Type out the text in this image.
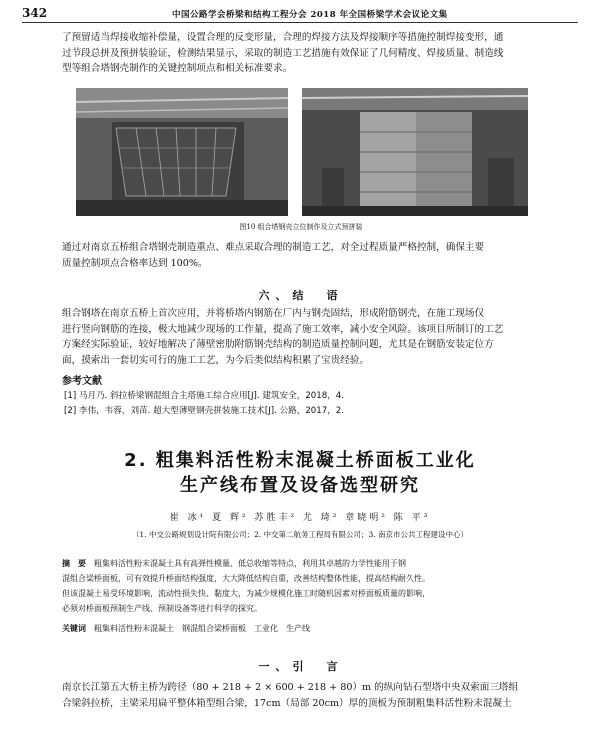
342	中国公路学会桥梁和结构工程分会 2018 年全国桥梁学术会议论文集
了预留适当焊接收缩补偿量，设置合理的反变形量，合理的焊接方法及焊接顺序等措施控制焊接变形，通
过节段总拼及预拼装验证，检测结果显示，采取的制造工艺措施有效保证了几何精度、焊接质量、制造线
型等组合塔钢壳制作的关键控制项点和相关标准要求。
图10 组合塔钢壳立位制作及立式预拼装
通过对南京五桥组合塔钢壳制造重点、难点采取合理的制造工艺，对全过程质量严格控制，确保主要
质量控制项点合格率达到 100%。
六、结　语
组合钢塔在南京五桥上首次应用，并将桥塔内钢筋在厂内与钢壳固结，形成附筋钢壳，在施工现场仅
进行竖向钢筋的连接，极大地减少现场的工作量，提高了施工效率，减小安全风险。该项目所制订的工艺
方案经实际验证，较好地解决了薄壁密肋附筋钢壳结构的制造质量控制问题，尤其是在钢筋安装定位方
面，摸索出一套切实可行的施工工艺，为今后类似结构积累了宝贵经验。
参考文献
[1] 马月乃. 斜拉桥梁钢混组合主塔施工综合应用[J]. 建筑安全，2018，4.
[2] 李伟，韦蓉，刘苗. 超大型薄壁钢壳拼装施工技术[J]. 公路，2017，2.
2. 粗集料活性粉末混凝土桥面板工业化
生产线布置及设备选型研究
崔 冰¹ 夏 辉² 苏胜丰² 尤 琦² 章晓明² 陈 平³
（1. 中交公路规划设计院有限公司；2. 中交第二航务工程局有限公司；3. 南京市公共工程建设中心）
摘　要　 粗集料活性粉末混凝土具有高弹性模量、低总收缩等特点，利用其卓越的力学性能用于钢
混组合梁桥面板，可有效提升桥面结构强度，大大降低结构自重，改善结构整体性能，提高结构耐久性。
但该混凝土易受环境影响，流动性损失快、黏度大，为减少规模化施工时随机因素对桥面板质量的影响，
必须对桥面板预制生产线、预制设备等进行科学的探究。
关键词　 粗集料活性粉末混凝土　钢混组合梁桥面板　工业化　生产线
一、引　言
南京长江第五大桥主桥为跨径（80 + 218 + 2 × 600 + 218 + 80）m 的纵向钻石型塔中央双索面三塔组
合梁斜拉桥，主梁采用扁平整体箱型组合梁，17cm（局部 20cm）厚的顶板为预制粗集料活性粉末混凝土
